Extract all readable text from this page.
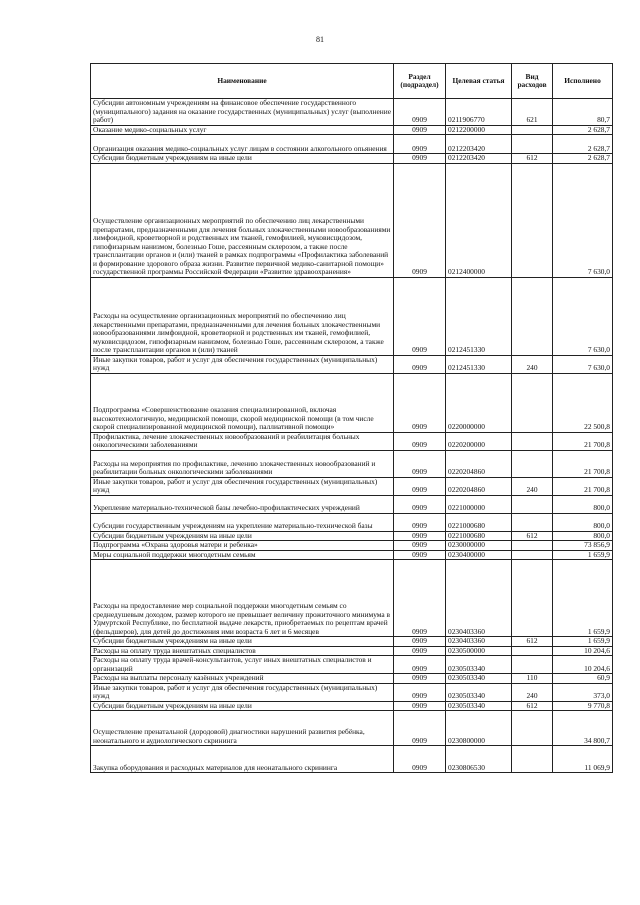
81
Наименование	Раздел (подраздел)	Целевая статья	Вид расходов	Исполнено
Субсидии автономным учреждениям на финансовое обеспечение государственного (муниципального) задания на оказание государственных (муниципальных) услуг (выполнение работ)	0909	0211906770	621	80,7
Оказание медико-социальных услуг	0909	0212200000		2 628,7
Организация оказания медико-социальных услуг лицам в состоянии алкогольного опьянения	0909	0212203420		2 628,7
Субсидии бюджетным учреждениям на иные цели	0909	0212203420	612	2 628,7
Осуществление организационных мероприятий по обеспечению лиц лекарственными препаратами, предназначенными для лечения больных злокачественными новообразованиями лимфоидной, кроветворной и родственных им тканей, гемофилией, муковисцидозом, гипофизарным нанизмом, болезнью Гоше, рассеянным склерозом, а также после трансплантации органов и (или) тканей в рамках подпрограммы «Профилактика заболеваний и формирование здорового образа жизни. Развитие первичной медико-санитарной помощи» государственной программы Российской Федерации «Развитие здравоохранения»	0909	0212400000		7 630,0
Расходы на осуществление организационных мероприятий по обеспечению лиц лекарственными препаратами, предназначенными для лечения больных злокачественными новообразованиями лимфоидной, кроветворной и родственных им тканей, гемофилией, муковисцидозом, гипофизарным нанизмом, болезнью Гоше, рассеянным склерозом, а также после трансплантации органов и (или) тканей	0909	0212451330		7 630,0
Иные закупки товаров, работ и услуг для обеспечения государственных (муниципальных) нужд	0909	0212451330	240	7 630,0
Подпрограмма «Совершенствование оказания специализированной, включая высокотехнологичную, медицинской помощи, скорой медицинской помощи (в том числе скорой специализированной медицинской помощи), паллиативной помощи»	0909	0220000000		22 500,8
Профилактика, лечение злокачественных новообразований и реабилитация больных онкологическими заболеваниями	0909	0220200000		21 700,8
Расходы на мероприятия по профилактике, лечению злокачественных новообразований и реабилитации больных онкологическими заболеваниями	0909	0220204860		21 700,8
Иные закупки товаров, работ и услуг для обеспечения государственных (муниципальных) нужд	0909	0220204860	240	21 700,8
Укрепление материально-технической базы лечебно-профилактических учреждений	0909	0221000000		800,0
Субсидии государственным учреждениям на укрепление материально-технической базы	0909	0221000680		800,0
Субсидии бюджетным учреждениям на иные цели	0909	0221000680	612	800,0
Подпрограмма «Охрана здоровья матери и ребенка»	0909	0230000000		73 856,9
Меры социальной поддержки многодетным семьям	0909	0230400000		1 659,9
Расходы на предоставление мер социальной поддержки многодетным семьям со среднедушевым доходом, размер которого не превышает величину прожиточного минимума в Удмуртской Республике, по бесплатной выдаче лекарств, приобретаемых по рецептам врачей (фельдшеров), для детей до достижения ими возраста 6 лет и 6 месяцев	0909	0230403360		1 659,9
Субсидии бюджетным учреждениям на иные цели	0909	0230403360	612	1 659,9
Расходы на оплату труда внештатных специалистов	0909	0230500000		10 204,6
Расходы на оплату труда врачей-консультантов, услуг иных внештатных специалистов и организаций	0909	0230503340		10 204,6
Расходы на выплаты персоналу казённых учреждений	0909	0230503340	110	60,9
Иные закупки товаров, работ и услуг для обеспечения государственных (муниципальных) нужд	0909	0230503340	240	373,0
Субсидии бюджетным учреждениям на иные цели	0909	0230503340	612	9 770,8
Осуществление пренатальной (дородовой) диагностики нарушений развития ребёнка, неонатального и аудиологического скрининга	0909	0230800000		34 800,7
Закупка оборудования и расходных материалов для неонатального скрининга	0909	0230806530		11 069,9
